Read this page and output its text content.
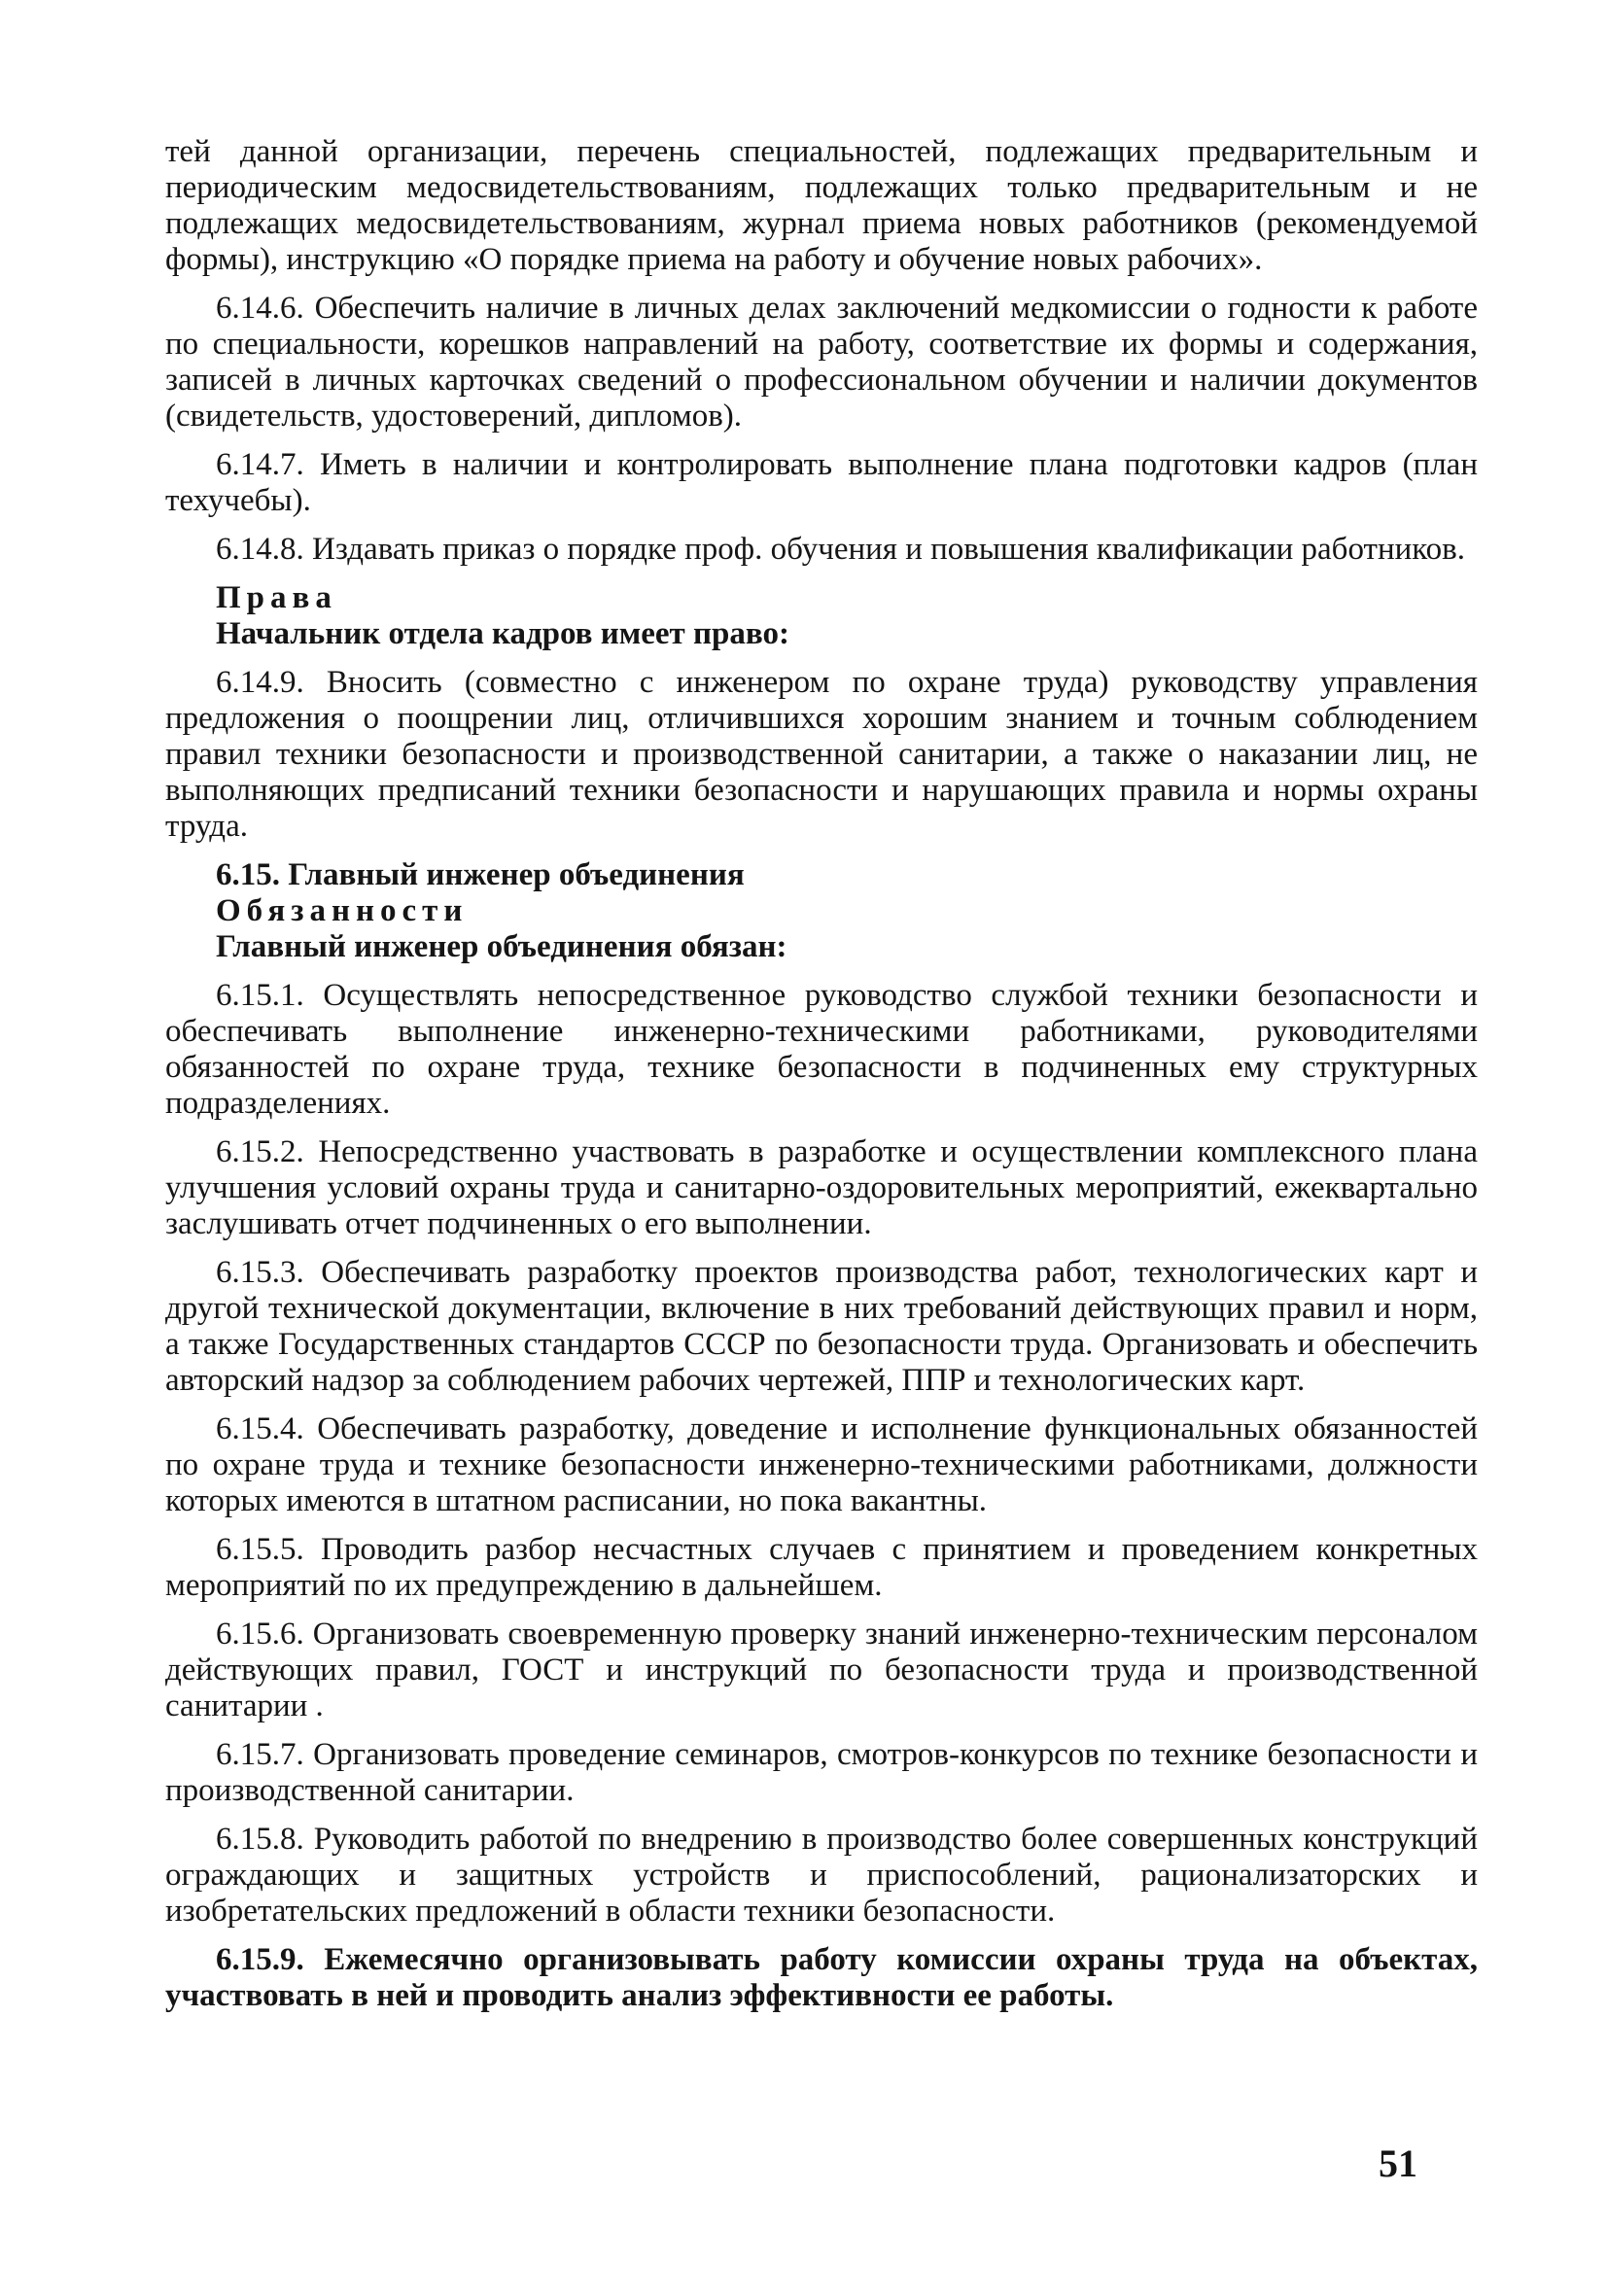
тей данной организации, перечень специальностей, подлежащих предварительным и периодическим медосвидетельствованиям, подлежащих только предварительным и не подлежащих медосвидетельствованиям, журнал приема новых работников (рекомендуемой формы), инструкцию «О порядке приема на работу и обучение новых рабочих».

6.14.6. Обеспечить наличие в личных делах заключений медкомиссии о годности к работе по специальности, корешков направлений на работу, соответствие их формы и содержания, записей в личных карточках сведений о профессиональном обучении и наличии документов (свидетельств, удостоверений, дипломов).

6.14.7. Иметь в наличии и контролировать выполнение плана подготовки кадров (план техучебы).

6.14.8. Издавать приказ о порядке проф. обучения и повышения квалификации работников.

Права

Начальник отдела кадров имеет право:

6.14.9. Вносить (совместно с инженером по охране труда) руководству управления предложения о поощрении лиц, отличившихся хорошим знанием и точным соблюдением правил техники безопасности и производственной санитарии, а также о наказании лиц, не выполняющих предписаний техники безопасности и нарушающих правила и нормы охраны труда.

6.15. Главный инженер объединения

Обязанности

Главный инженер объединения обязан:

6.15.1. Осуществлять непосредственное руководство службой техники безопасности и обеспечивать выполнение инженерно-техническими работниками, руководителями обязанностей по охране труда, технике безопасности в подчиненных ему структурных подразделениях.

6.15.2. Непосредственно участвовать в разработке и осуществлении комплексного плана улучшения условий охраны труда и санитарно-оздоровительных мероприятий, ежеквартально заслушивать отчет подчиненных о его выполнении.

6.15.3. Обеспечивать разработку проектов производства работ, технологических карт и другой технической документации, включение в них требований действующих правил и норм, а также Государственных стандартов СССР по безопасности труда. Организовать и обеспечить авторский надзор за соблюдением рабочих чертежей, ППР и технологических карт.

6.15.4. Обеспечивать разработку, доведение и исполнение функциональных обязанностей по охране труда и технике безопасности инженерно-техническими работниками, должности которых имеются в штатном расписании, но пока вакантны.

6.15.5. Проводить разбор несчастных случаев с принятием и проведением конкретных мероприятий по их предупреждению в дальнейшем.

6.15.6. Организовать своевременную проверку знаний инженерно-техническим персоналом действующих правил, ГОСТ и инструкций по безопасности труда и производственной санитарии .

6.15.7. Организовать проведение семинаров, смотров-конкурсов по технике безопасности и производственной санитарии.

6.15.8. Руководить работой по внедрению в производство более совершенных конструкций ограждающих и защитных устройств и приспособлений, рационализаторских и изобретательских предложений в области техники безопасности.

6.15.9. Ежемесячно организовывать работу комиссии охраны труда на объектах, участвовать в ней и проводить анализ эффективности ее работы.

51
